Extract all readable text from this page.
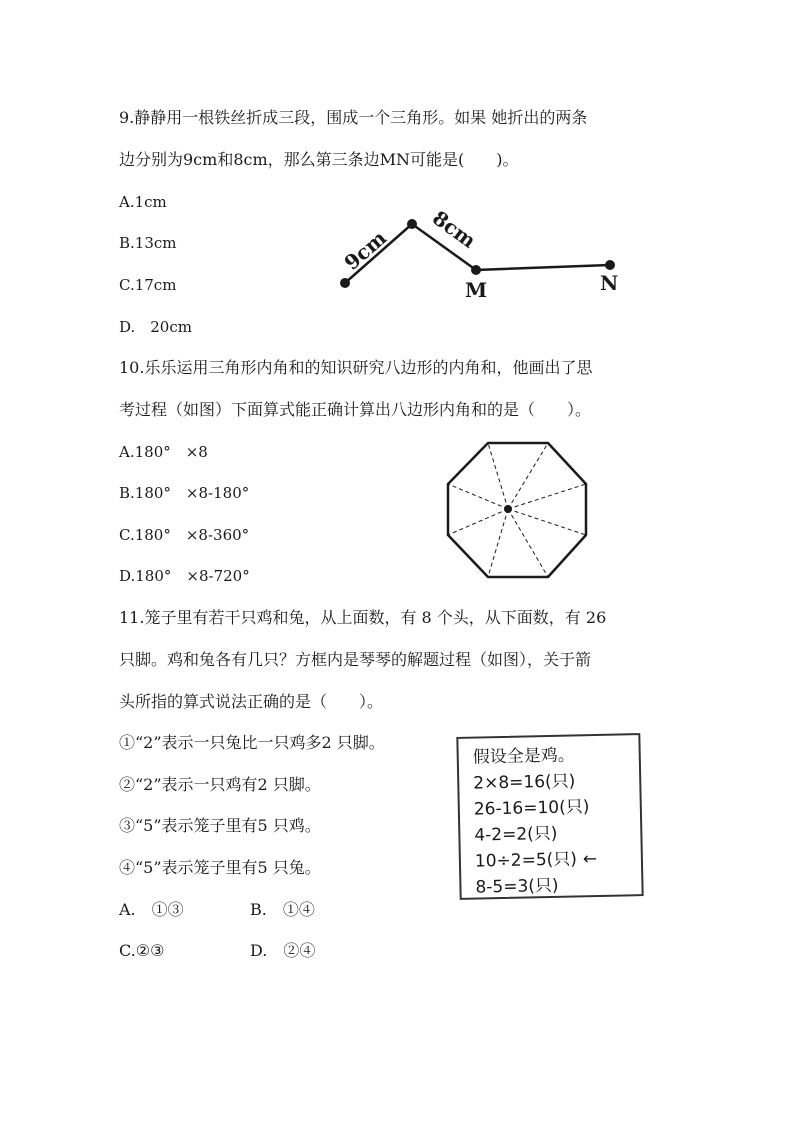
9.静静用一根铁丝折成三段，围成一个三角形。如果 她折出的两条
边分别为9cm和8cm，那么第三条边MN可能是(　　)。
A.1cm
B.13cm
C.17cm
D.　20cm
9cm 8cm
M	N
10.乐乐运用三角形内角和的知识研究八边形的内角和，他画出了思
考过程（如图）下面算式能正确计算出八边形内角和的是（　　）。
A.180°　×8
B.180°　×8-180°
C.180°　×8-360°
D.180°　×8-720°
11.笼子里有若干只鸡和兔，从上面数，有 8 个头，从下面数，有 26
只脚。鸡和兔各有几只？方框内是琴琴的解题过程（如图），关于箭
头所指的算式说法正确的是（　　）。
①“2”表示一只兔比一只鸡多2 只脚。
②“2”表示一只鸡有2 只脚。
③“5”表示笼子里有5 只鸡。
④“5”表示笼子里有5 只兔。
A.　①③	B.　①④
C.②③	D.　②④
假设全是鸡。
2×8=16(只)
26-16=10(只)
4-2=2(只)
10÷2=5(只) ←
8-5=3(只)
